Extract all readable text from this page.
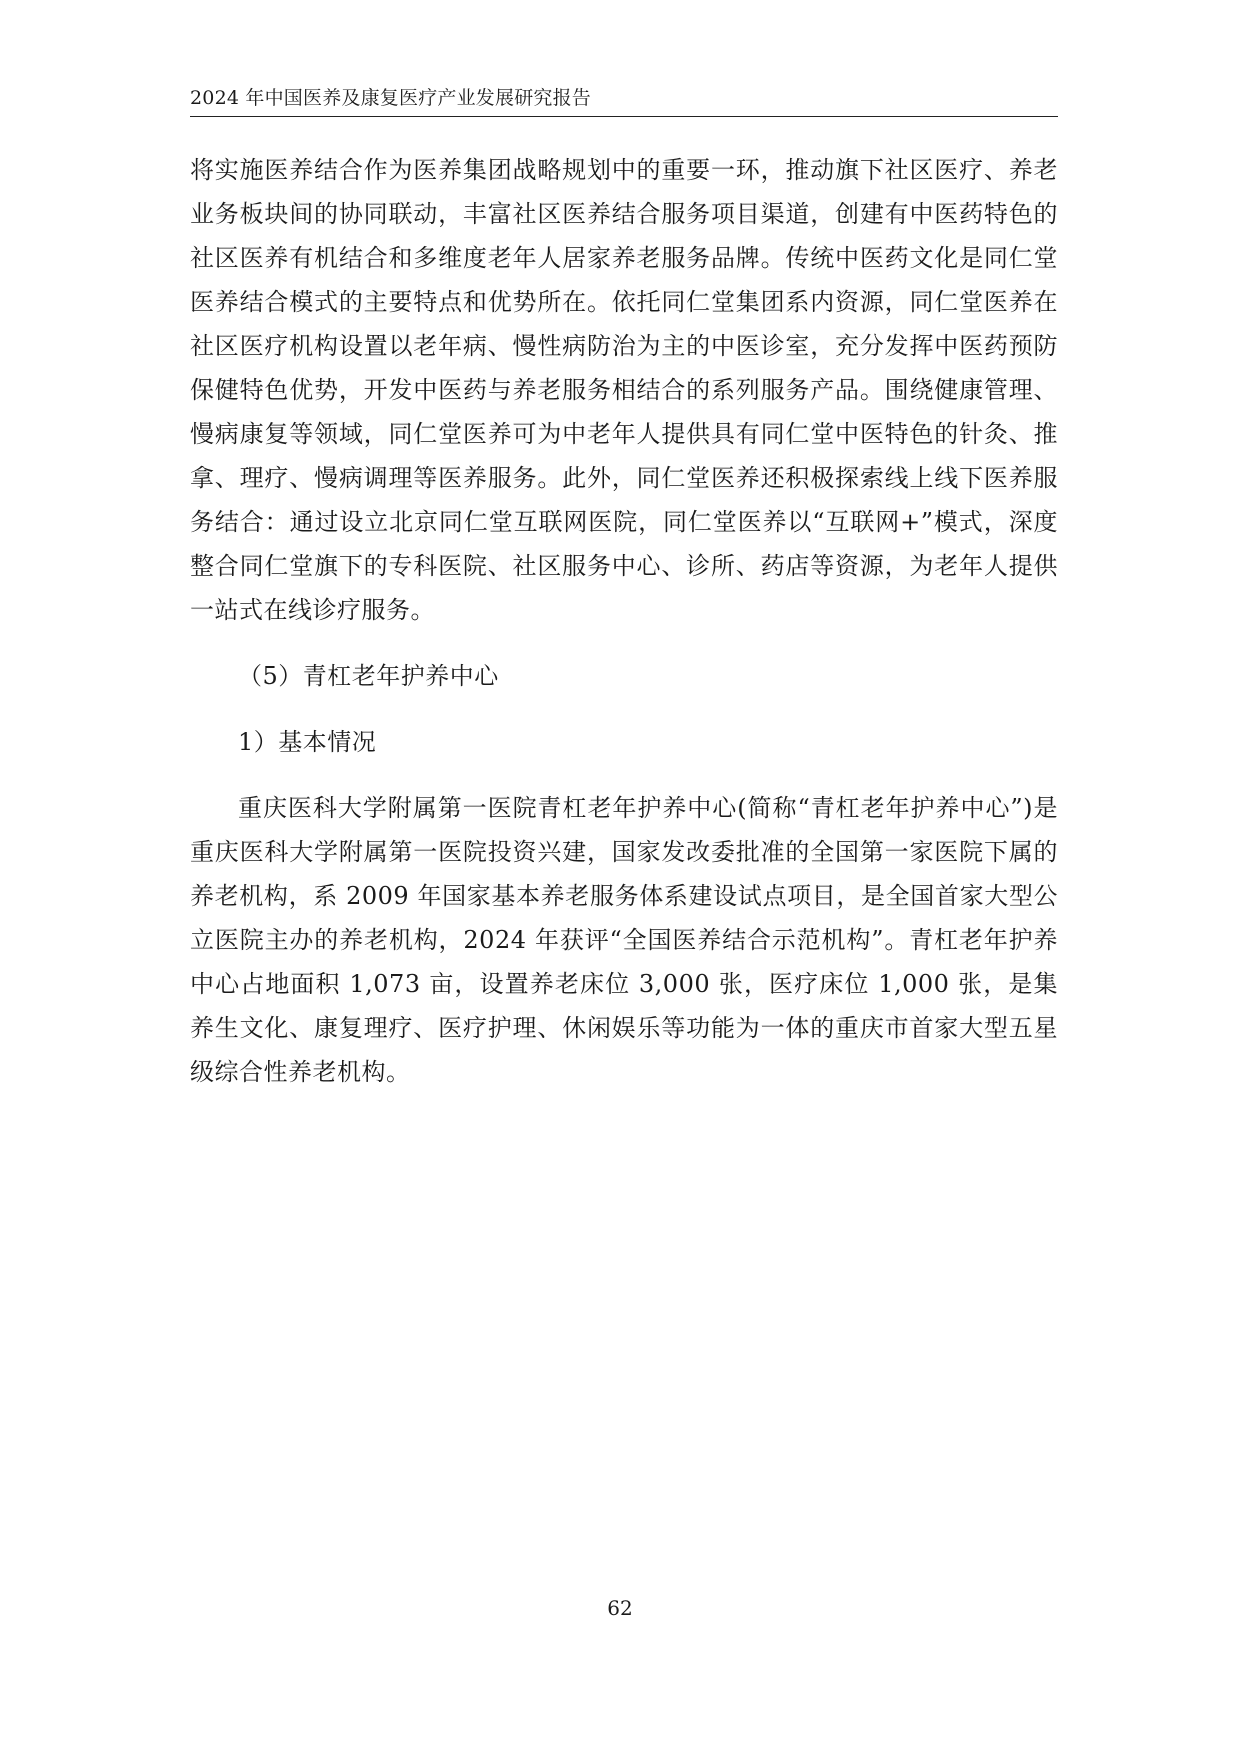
2024 年中国医养及康复医疗产业发展研究报告

将实施医养结合作为医养集团战略规划中的重要一环，推动旗下社区医疗、养老业务板块间的协同联动，丰富社区医养结合服务项目渠道，创建有中医药特色的社区医养有机结合和多维度老年人居家养老服务品牌。传统中医药文化是同仁堂医养结合模式的主要特点和优势所在。依托同仁堂集团系内资源，同仁堂医养在社区医疗机构设置以老年病、慢性病防治为主的中医诊室，充分发挥中医药预防保健特色优势，开发中医药与养老服务相结合的系列服务产品。围绕健康管理、慢病康复等领域，同仁堂医养可为中老年人提供具有同仁堂中医特色的针灸、推拿、理疗、慢病调理等医养服务。此外，同仁堂医养还积极探索线上线下医养服务结合：通过设立北京同仁堂互联网医院，同仁堂医养以“互联网+”模式，深度整合同仁堂旗下的专科医院、社区服务中心、诊所、药店等资源，为老年人提供一站式在线诊疗服务。

（5）青杠老年护养中心

1）基本情况

重庆医科大学附属第一医院青杠老年护养中心(简称“青杠老年护养中心”)是重庆医科大学附属第一医院投资兴建，国家发改委批准的全国第一家医院下属的养老机构，系 2009 年国家基本养老服务体系建设试点项目，是全国首家大型公立医院主办的养老机构，2024 年获评“全国医养结合示范机构”。青杠老年护养中心占地面积 1,073 亩，设置养老床位 3,000 张，医疗床位 1,000 张，是集养生文化、康复理疗、医疗护理、休闲娱乐等功能为一体的重庆市首家大型五星级综合性养老机构。

62
